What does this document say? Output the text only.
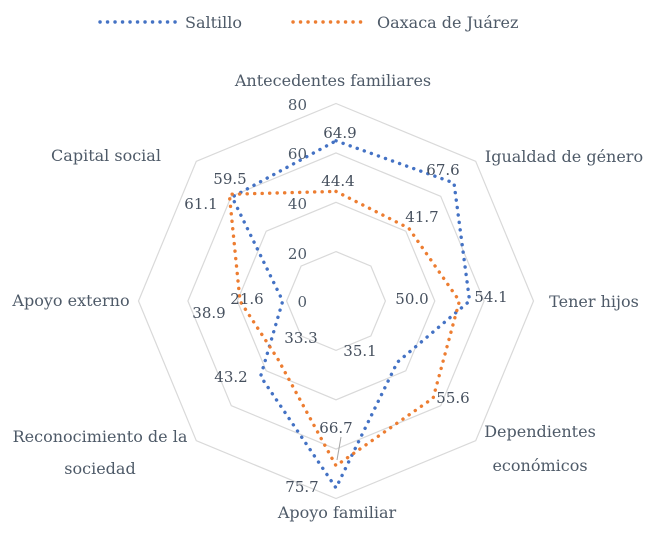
Saltillo	Oaxaca de Juárez
Antecedentes familiares
Igualdad de género
Tener hijos
Dependientes
económicos
Apoyo familiar
Reconocimiento de la
sociedad
Apoyo externo
Capital social
0
20
40
60
80
64.9
67.6
54.1
35.1
75.7
43.2
21.6
59.5	44.4
41.7
50.0
55.6
66.7
33.3
38.9
61.1
